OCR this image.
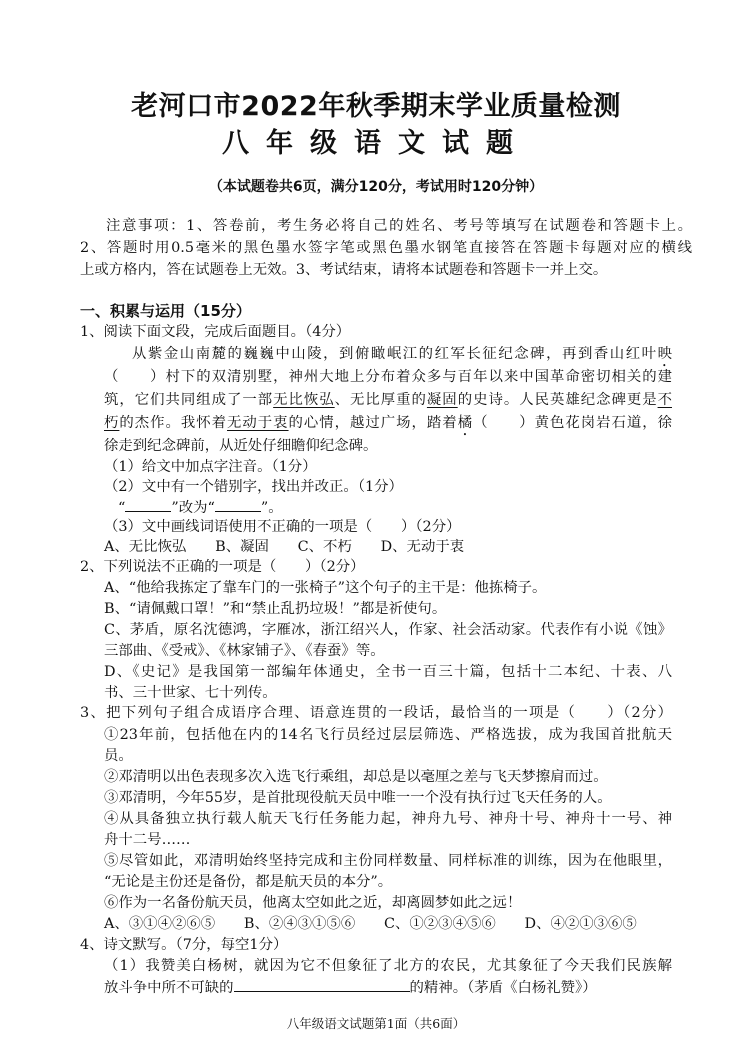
老河口市2022年秋季期末学业质量检测
八年级语文试题
（本试题卷共6页，满分120分，考试用时120分钟）
注意事项：1、答卷前，考生务必将自己的姓名、考号等填写在试题卷和答题卡上。
2、答题时用0.5毫米的黑色墨水签字笔或黑色墨水钢笔直接答在答题卡每题对应的横线
上或方格内，答在试题卷上无效。3、考试结束，请将本试题卷和答题卡一并上交。
一、积累与运用（15分）
1、阅读下面文段，完成后面题目。（4分）
从紫金山南麓的巍巍中山陵，到俯瞰岷江的红军长征纪念碑，再到香山红叶映
（　　）村下的双清别墅，神州大地上分布着众多与百年以来中国革命密切相关的建
筑，它们共同组成了一部无比恢弘、无比厚重的凝固的史诗。人民英雄纪念碑更是不
朽的杰作。我怀着无动于衷的心情，越过广场，踏着橘（　　）黄色花岗岩石道，徐
徐走到纪念碑前，从近处仔细瞻仰纪念碑。
（1）给文中加点字注音。（1分）
（2）文中有一个错别字，找出并改正。（1分）
“	”改为“	”。
（3）文中画线词语使用不正确的一项是（　　）（2分）
A、无比恢弘　　B、凝固　　C、不朽　　D、无动于衷
2、下列说法不正确的一项是（　　）（2分）
A、“他给我拣定了靠车门的一张椅子”这个句子的主干是：他拣椅子。
B、“请佩戴口罩！”和“禁止乱扔垃圾！”都是祈使句。
C、茅盾，原名沈德鸿，字雁冰，浙江绍兴人，作家、社会活动家。代表作有小说《蚀》
三部曲、《受戒》、《林家铺子》、《春蚕》等。
D、《史记》是我国第一部编年体通史，全书一百三十篇，包括十二本纪、十表、八
书、三十世家、七十列传。
3、把下列句子组合成语序合理、语意连贯的一段话，最恰当的一项是（　　）（2分）
①23年前，包括他在内的14名飞行员经过层层筛选、严格选拔，成为我国首批航天
员。
②邓清明以出色表现多次入选飞行乘组，却总是以毫厘之差与飞天梦擦肩而过。
③邓清明，今年55岁，是首批现役航天员中唯一一个没有执行过飞天任务的人。
④从具备独立执行载人航天飞行任务能力起，神舟九号、神舟十号、神舟十一号、神
舟十二号……
⑤尽管如此，邓清明始终坚持完成和主份同样数量、同样标准的训练，因为在他眼里，
“无论是主份还是备份，都是航天员的本分”。
⑥作为一名备份航天员，他离太空如此之近，却离圆梦如此之远！
A、③①④②⑥⑤　　B、②④③①⑤⑥　　C、①②③④⑤⑥　　D、④②①③⑥⑤
4、诗文默写。（7分，每空1分）
（1）我赞美白杨树，就因为它不但象征了北方的农民，尤其象征了今天我们民族解
放斗争中所不可缺的	的精神。（茅盾《白杨礼赞》）
八年级语文试题第1面（共6面）
